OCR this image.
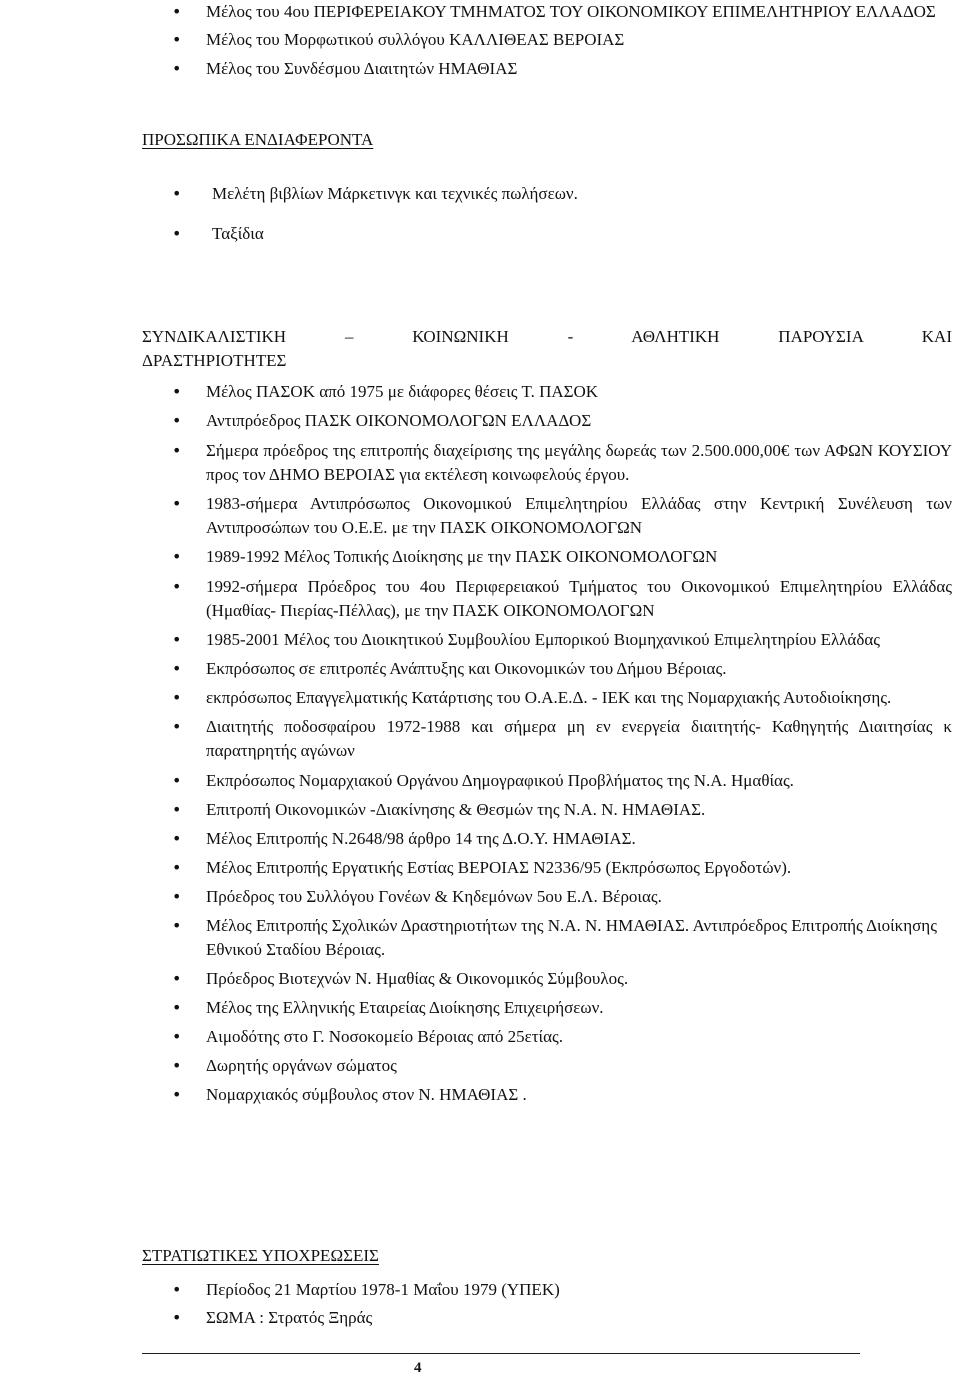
• Μέλος του 4ου ΠΕΡΙΦΕΡΕΙΑΚΟΥ ΤΜΗΜΑΤΟΣ ΤΟΥ ΟΙΚΟΝΟΜΙΚΟΥ ΕΠΙΜΕΛΗΤΗΡΙΟΥ ΕΛΛΑΔΟΣ
• Μέλος του Μορφωτικού συλλόγου ΚΑΛΛΙΘΕΑΣ ΒΕΡΟΙΑΣ
• Μέλος του Συνδέσμου Διαιτητών ΗΜΑΘΙΑΣ
ΠΡΟΣΩΠΙΚΑ ΕΝΔΙΑΦΕΡΟΝΤΑ
• Μελέτη βιβλίων Μάρκετινγκ και τεχνικές πωλήσεων.
• Ταξίδια
ΣΥΝΔΙΚΑΛΙΣΤΙΚΗ – ΚΟΙΝΩΝΙΚΗ - ΑΘΛΗΤΙΚΗ ΠΑΡΟΥΣΙΑ ΚΑΙ
ΔΡΑΣΤΗΡΙΟΤΗΤΕΣ
• Μέλος ΠΑΣΟΚ από 1975 με διάφορες θέσεις Τ. ΠΑΣΟΚ
• Αντιπρόεδρος ΠΑΣΚ ΟΙΚΟΝΟΜΟΛΟΓΩΝ ΕΛΛΑΔΟΣ
• Σήμερα πρόεδρος της επιτροπής διαχείρισης της μεγάλης δωρεάς των 2.500.000,00€ των ΑΦΩΝ ΚΟΥΣΙΟΥ προς τον ΔΗΜΟ ΒΕΡΟΙΑΣ για εκτέλεση κοινωφελούς έργου.
• 1983-σήμερα Αντιπρόσωπος Οικονομικού Επιμελητηρίου Ελλάδας στην Κεντρική Συνέλευση των Αντιπροσώπων του Ο.Ε.Ε. με την ΠΑΣΚ ΟΙΚΟΝΟΜΟΛΟΓΩΝ
• 1989-1992 Μέλος Τοπικής Διοίκησης με την ΠΑΣΚ ΟΙΚΟΝΟΜΟΛΟΓΩΝ
• 1992-σήμερα Πρόεδρος του 4ου Περιφερειακού Τμήματος του Οικονομικού Επιμελητηρίου Ελλάδας (Ημαθίας- Πιερίας-Πέλλας), με την ΠΑΣΚ ΟΙΚΟΝΟΜΟΛΟΓΩΝ
• 1985-2001 Μέλος του Διοικητικού Συμβουλίου Εμπορικού Βιομηχανικού Επιμελητηρίου Ελλάδας
• Εκπρόσωπος σε επιτροπές Ανάπτυξης και Οικονομικών του Δήμου Βέροιας.
• εκπρόσωπος Επαγγελματικής Κατάρτισης του Ο.Α.Ε.Δ. - ΙΕΚ και της Νομαρχιακής Αυτοδιοίκησης.
• Διαιτητής ποδοσφαίρου 1972-1988 και σήμερα μη εν ενεργεία διαιτητής- Καθηγητής Διαιτησίας κ παρατηρητής αγώνων
• Εκπρόσωπος Νομαρχιακού Οργάνου Δημογραφικού Προβλήματος της Ν.Α. Ημαθίας.
• Επιτροπή Οικονομικών -Διακίνησης & Θεσμών της Ν.Α. Ν. ΗΜΑΘΙΑΣ.
• Μέλος Επιτροπής Ν.2648/98 άρθρο 14 της Δ.Ο.Υ. ΗΜΑΘΙΑΣ.
• Μέλος Επιτροπής Εργατικής Εστίας ΒΕΡΟΙΑΣ Ν2336/95 (Εκπρόσωπος Εργοδοτών).
• Πρόεδρος του Συλλόγου Γονέων & Κηδεμόνων 5ου Ε.Λ. Βέροιας.
• Μέλος Επιτροπής Σχολικών Δραστηριοτήτων της Ν.Α. Ν. ΗΜΑΘΙΑΣ. Αντιπρόεδρος Επιτροπής Διοίκησης Εθνικού Σταδίου Βέροιας.
• Πρόεδρος Βιοτεχνών Ν. Ημαθίας & Οικονομικός Σύμβουλος.
• Μέλος της Ελληνικής Εταιρείας Διοίκησης Επιχειρήσεων.
• Αιμοδότης στο Γ. Νοσοκομείο Βέροιας από 25ετίας.
• Δωρητής οργάνων σώματος
• Νομαρχιακός σύμβουλος στον Ν. ΗΜΑΘΙΑΣ .
ΣΤΡΑΤΙΩΤΙΚΕΣ ΥΠΟΧΡΕΩΣΕΙΣ
• Περίοδος 21 Μαρτίου 1978-1 Μαΐου 1979 (ΥΠΕΚ)
• ΣΩΜΑ : Στρατός Ξηράς
4
